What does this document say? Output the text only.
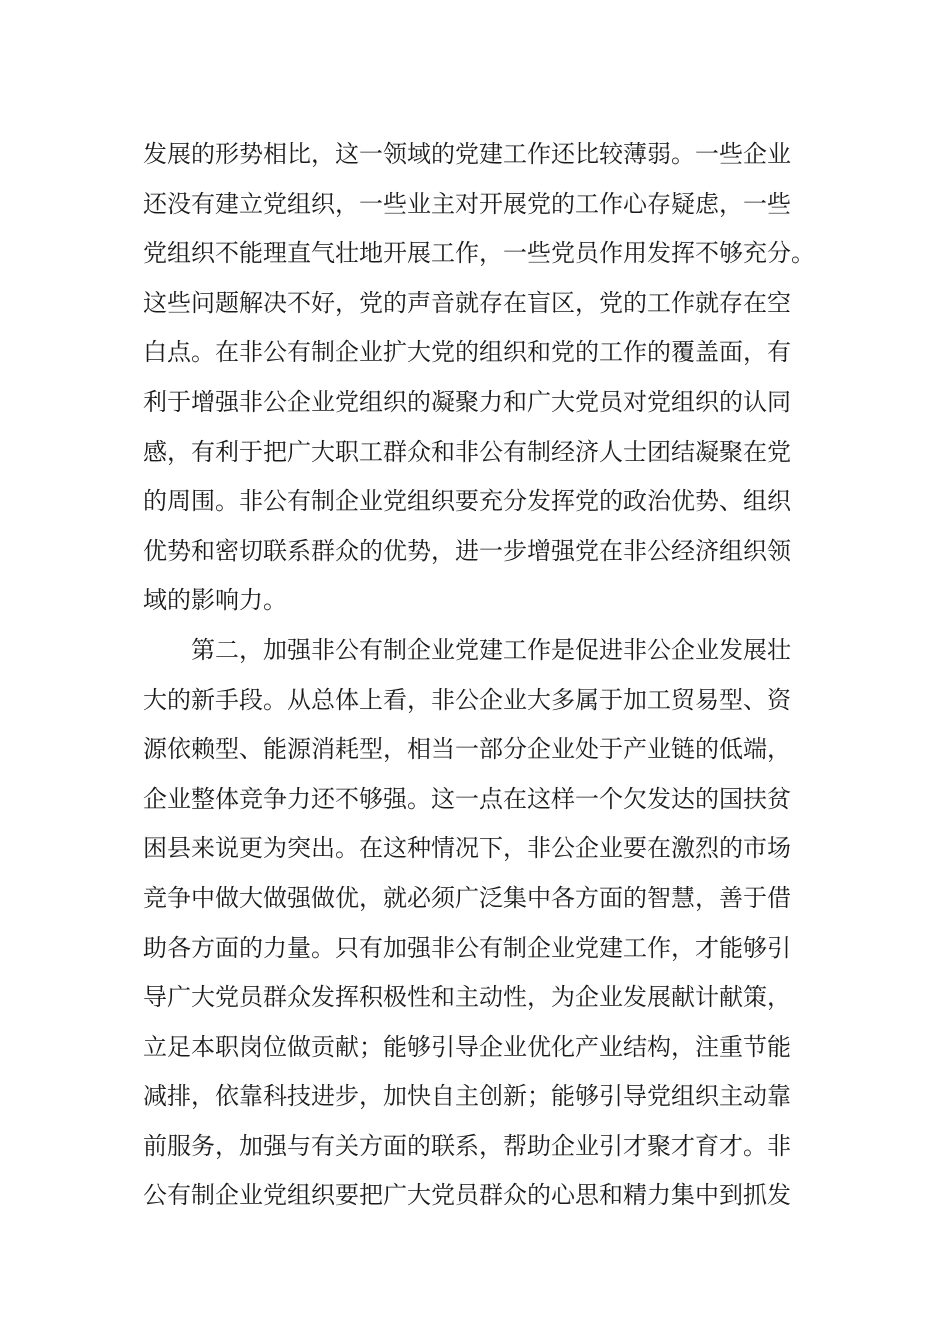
发展的形势相比，这一领域的党建工作还比较薄弱。一些企业
还没有建立党组织，一些业主对开展党的工作心存疑虑，一些
党组织不能理直气壮地开展工作，一些党员作用发挥不够充分。
这些问题解决不好，党的声音就存在盲区，党的工作就存在空
白点。在非公有制企业扩大党的组织和党的工作的覆盖面，有
利于增强非公企业党组织的凝聚力和广大党员对党组织的认同
感，有利于把广大职工群众和非公有制经济人士团结凝聚在党
的周围。非公有制企业党组织要充分发挥党的政治优势、组织
优势和密切联系群众的优势，进一步增强党在非公经济组织领
域的影响力。
第二，加强非公有制企业党建工作是促进非公企业发展壮
大的新手段。从总体上看，非公企业大多属于加工贸易型、资
源依赖型、能源消耗型，相当一部分企业处于产业链的低端，
企业整体竞争力还不够强。这一点在这样一个欠发达的国扶贫
困县来说更为突出。在这种情况下，非公企业要在激烈的市场
竞争中做大做强做优，就必须广泛集中各方面的智慧，善于借
助各方面的力量。只有加强非公有制企业党建工作，才能够引
导广大党员群众发挥积极性和主动性，为企业发展献计献策，
立足本职岗位做贡献；能够引导企业优化产业结构，注重节能
减排，依靠科技进步，加快自主创新；能够引导党组织主动靠
前服务，加强与有关方面的联系，帮助企业引才聚才育才。非
公有制企业党组织要把广大党员群众的心思和精力集中到抓发
